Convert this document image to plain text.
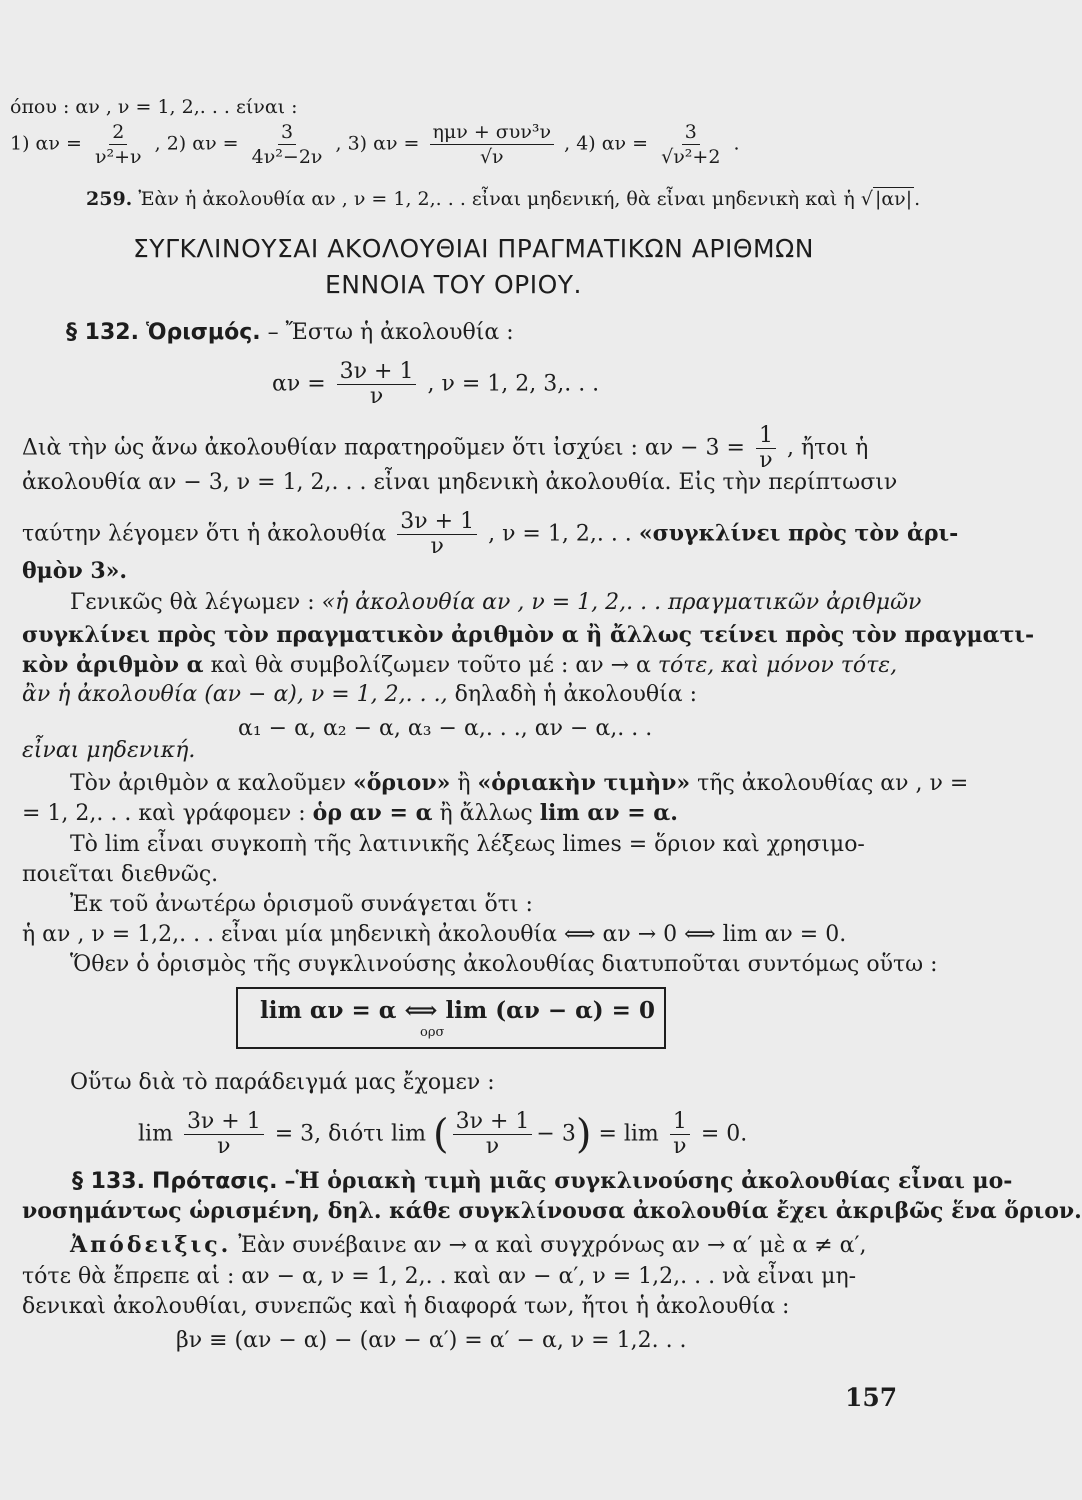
όπου : αν , ν = 1, 2,. . . είναι :
1) $\alpha\nu = \frac{2}{\text{ν²+ν}}$ , 2) $\alpha\nu = \frac{3}{\text{4ν²−2ν}}$ , 3) $\alpha\nu = \frac{\text{ημν + συν³ν}}{√\nu}$ , 4) $\alpha\nu = \frac{3}{\text{√ν²+2}}$ .
259. Ἐὰν ἡ ἀκολουθία αν , ν = 1, 2,. . . εἶναι μηδενική, θὰ εἶναι μηδενικὴ καὶ ἡ √ |αν| .
ΣΥΓΚΛΙΝΟΥΣΑΙ ΑΚΟΛΟΥΘΙΑΙ ΠΡΑΓΜΑΤΙΚΩΝ ΑΡΙΘΜΩΝ
ΕΝΝΟΙΑ ΤΟΥ ΟΡΙΟΥ.
§ 132. Ὁρισμός. – Ἔστω ἡ ἀκολουθία :
$\alpha\nu = \frac{3\nu + 1}{\nu}$ , ν = 1, 2, 3,. . .
Διὰ τὴν ὡς ἄνω ἀκολουθίαν παρατηροῦμεν ὅτι ἰσχύει : $\alpha\nu - 3 = \frac{1}{\nu}$ , ἤτοι ἡ
ἀκολουθία αν − 3, ν = 1, 2,. . . εἶναι μηδενικὴ ἀκολουθία. Εἰς τὴν περίπτωσιν
ταύτην λέγομεν ὅτι ἡ ἀκολουθία $\frac{3\nu + 1}{\nu}$ , ν = 1, 2,. . . «συγκλίνει πρὸς τὸν ἀρι-
θμὸν 3».
Γενικῶς θὰ λέγωμεν : «ἡ ἀκολουθία αν , ν = 1, 2,. . . πραγματικῶν ἀριθμῶν
συγκλίνει πρὸς τὸν πραγματικὸν ἀριθμὸν α ἢ ἄλλως τείνει πρὸς τὸν πραγματι-
κὸν ἀριθμὸν α καὶ θὰ συμβολίζωμεν τοῦτο μέ : αν → α τότε, καὶ μόνον τότε,
ἂν ἡ ἀκολουθία (αν − α), ν = 1, 2,. . ., δηλαδὴ ἡ ἀκολουθία :
α₁ − α, α₂ − α, α₃ − α,. . ., αν − α,. . .
εἶναι μηδενική.
Τὸν ἀριθμὸν α καλοῦμεν «ὅριον» ἢ «ὁριακὴν τιμὴν» τῆς ἀκολουθίας αν , ν =
= 1, 2,. . . καὶ γράφομεν : ὁρ αν = α ἢ ἄλλως lim αν = α.
Τὸ lim εἶναι συγκοπὴ τῆς λατινικῆς λέξεως limes = ὅριον καὶ χρησιμο-
ποιεῖται διεθνῶς.
Ἐκ τοῦ ἀνωτέρω ὁρισμοῦ συνάγεται ὅτι :
ἡ αν , ν = 1,2,. . . εἶναι μία μηδενικὴ ἀκολουθία ⟺ αν → 0 ⟺ lim αν = 0.
Ὅθεν ὁ ὁρισμὸς τῆς συγκλινούσης ἀκολουθίας διατυποῦται συντόμως οὕτω :
lim αν = α ⟺ lim (αν − α) = 0
ορσ
Οὕτω διὰ τὸ παράδειγμά μας ἔχομεν :
$\lim \frac{3\nu + 1}{\nu} = 3$, διότι lim ( $\frac{3\nu + 1}{\nu} - 3) = \lim \frac{1}{\nu} = 0$.
§ 133. Πρότασις. –Ἡ ὁριακὴ τιμὴ μιᾶς συγκλινούσης ἀκολουθίας εἶναι μο-
νοσημάντως ὡρισμένη, δηλ. κάθε συγκλίνουσα ἀκολουθία ἔχει ἀκριβῶς ἕνα ὅριον.
Ἀπόδειξις. Ἐὰν συνέβαινε αν → α καὶ συγχρόνως αν → α′ μὲ α ≠ α′,
τότε θὰ ἔπρεπε αἱ : αν − α, ν = 1, 2,. . καὶ αν − α′, ν = 1,2,. . . νὰ εἶναι μη-
δενικαὶ ἀκολουθίαι, συνεπῶς καὶ ἡ διαφορά των, ἤτοι ἡ ἀκολουθία :
βν ≡ (αν − α) − (αν − α′) = α′ − α, ν = 1,2. . .
157
